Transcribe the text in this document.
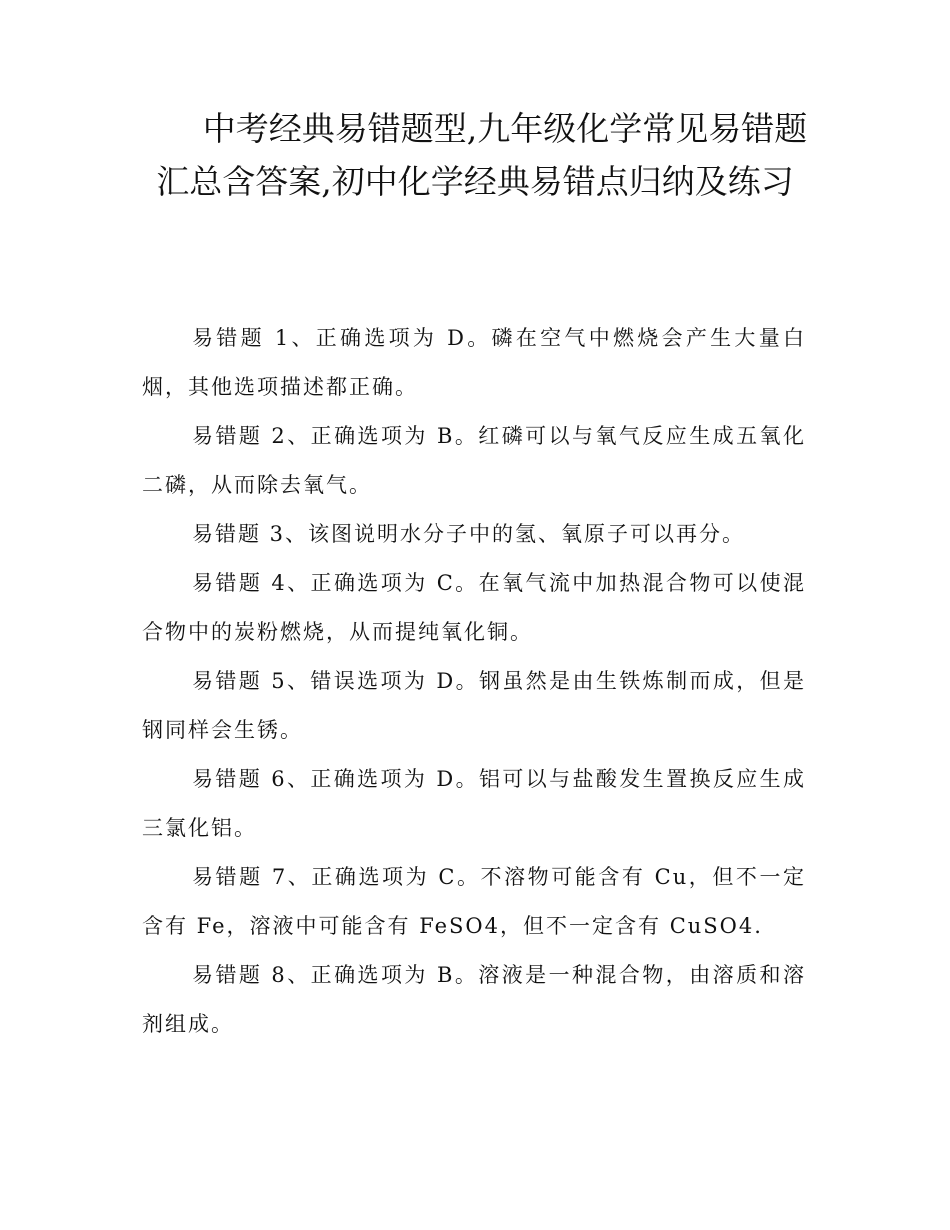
中考经典易错题型,九年级化学常见易错题汇总含答案,初中化学经典易错点归纳及练习

易错题 1、正确选项为 D。磷在空气中燃烧会产生大量白烟，其他选项描述都正确。

易错题 2、正确选项为 B。红磷可以与氧气反应生成五氧化二磷，从而除去氧气。

易错题 3、该图说明水分子中的氢、氧原子可以再分。

易错题 4、正确选项为 C。在氧气流中加热混合物可以使混合物中的炭粉燃烧，从而提纯氧化铜。

易错题 5、错误选项为 D。钢虽然是由生铁炼制而成，但是钢同样会生锈。

易错题 6、正确选项为 D。铝可以与盐酸发生置换反应生成三氯化铝。

易错题 7、正确选项为 C。不溶物可能含有 Cu，但不一定含有 Fe，溶液中可能含有 FeSO4，但不一定含有 CuSO4.

易错题 8、正确选项为 B。溶液是一种混合物，由溶质和溶剂组成。
